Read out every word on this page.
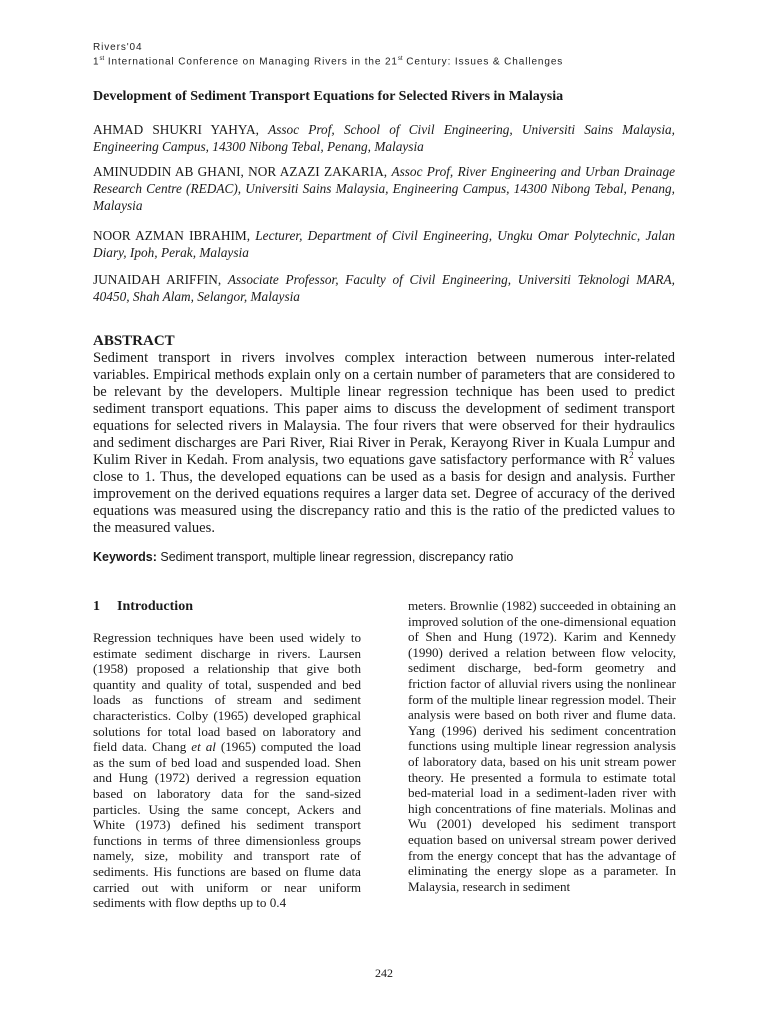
Rivers'04
1st International Conference on Managing Rivers in the 21st Century: Issues & Challenges
Development of Sediment Transport Equations for Selected Rivers in Malaysia
AHMAD SHUKRI YAHYA, Assoc Prof, School of Civil Engineering, Universiti Sains Malaysia, Engineering Campus, 14300 Nibong Tebal, Penang, Malaysia
AMINUDDIN AB GHANI, NOR AZAZI ZAKARIA, Assoc Prof, River Engineering and Urban Drainage Research Centre (REDAC), Universiti Sains Malaysia, Engineering Campus, 14300 Nibong Tebal, Penang, Malaysia
NOOR AZMAN IBRAHIM, Lecturer, Department of Civil Engineering, Ungku Omar Polytechnic, Jalan Diary, Ipoh, Perak, Malaysia
JUNAIDAH ARIFFIN, Associate Professor, Faculty of Civil Engineering, Universiti Teknologi MARA, 40450, Shah Alam, Selangor, Malaysia
ABSTRACT
Sediment transport in rivers involves complex interaction between numerous inter-related variables. Empirical methods explain only on a certain number of parameters that are considered to be relevant by the developers. Multiple linear regression technique has been used to predict sediment transport equations. This paper aims to discuss the development of sediment transport equations for selected rivers in Malaysia. The four rivers that were observed for their hydraulics and sediment discharges are Pari River, Riai River in Perak, Kerayong River in Kuala Lumpur and Kulim River in Kedah. From analysis, two equations gave satisfactory performance with $R^2$ values close to 1. Thus, the developed equations can be used as a basis for design and analysis. Further improvement on the derived equations requires a larger data set. Degree of accuracy of the derived equations was measured using the discrepancy ratio and this is the ratio of the predicted values to the measured values.
Keywords: Sediment transport, multiple linear regression, discrepancy ratio
1 Introduction
Regression techniques have been used widely to estimate sediment discharge in rivers. Laursen (1958) proposed a relationship that give both quantity and quality of total, suspended and bed loads as functions of stream and sediment characteristics. Colby (1965) developed graphical solutions for total load based on laboratory and field data. Chang et al (1965) computed the load as the sum of bed load and suspended load. Shen and Hung (1972) derived a regression equation based on laboratory data for the sand-sized particles. Using the same concept, Ackers and White (1973) defined his sediment transport functions in terms of three dimensionless groups namely, size, mobility and transport rate of sediments. His functions are based on flume data carried out with uniform or near uniform sediments with flow depths up to 0.4
meters. Brownlie (1982) succeeded in obtaining an improved solution of the one-dimensional equation of Shen and Hung (1972). Karim and Kennedy (1990) derived a relation between flow velocity, sediment discharge, bed-form geometry and friction factor of alluvial rivers using the nonlinear form of the multiple linear regression model. Their analysis were based on both river and flume data. Yang (1996) derived his sediment concentration functions using multiple linear regression analysis of laboratory data, based on his unit stream power theory. He presented a formula to estimate total bed-material load in a sediment-laden river with high concentrations of fine materials. Molinas and Wu (2001) developed his sediment transport equation based on universal stream power derived from the energy concept that has the advantage of eliminating the energy slope as a parameter. In Malaysia, research in sediment
242
